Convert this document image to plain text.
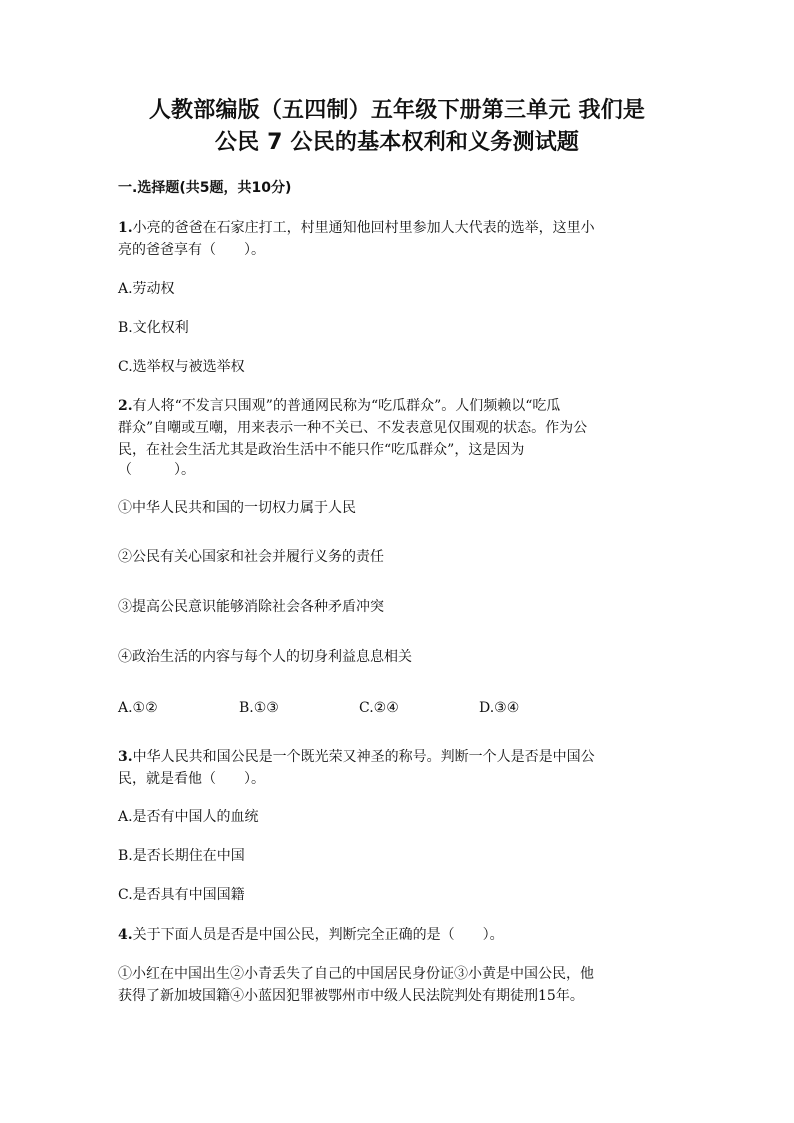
人教部编版（五四制）五年级下册第三单元 我们是
公民 7 公民的基本权利和义务测试题
一.选择题(共5题，共10分)
1.小亮的爸爸在石家庄打工，村里通知他回村里参加人大代表的选举，这里小
亮的爸爸享有（　　）。
A.劳动权
B.文化权利
C.选举权与被选举权
2.有人将“不发言只围观”的普通网民称为“吃瓜群众”。人们频赖以“吃瓜
群众”自嘲或互嘲，用来表示一种不关已、不发表意见仅围观的状态。作为公
民，在社会生活尤其是政治生活中不能只作“吃瓜群众”，这是因为
（　　　）。
①中华人民共和国的一切权力属于人民
②公民有关心国家和社会并履行义务的责任
③提高公民意识能够消除社会各种矛盾冲突
④政治生活的内容与每个人的切身利益息息相关
A.①②	B.①③	C.②④	D.③④
3.中华人民共和国公民是一个既光荣又神圣的称号。判断一个人是否是中国公
民，就是看他（　　）。
A.是否有中国人的血统
B.是否长期住在中国
C.是否具有中国国籍
4.关于下面人员是否是中国公民，判断完全正确的是（　　）。
①小红在中国出生②小青丢失了自己的中国居民身份证③小黄是中国公民，他
获得了新加坡国籍④小蓝因犯罪被鄂州市中级人民法院判处有期徒刑15年。
